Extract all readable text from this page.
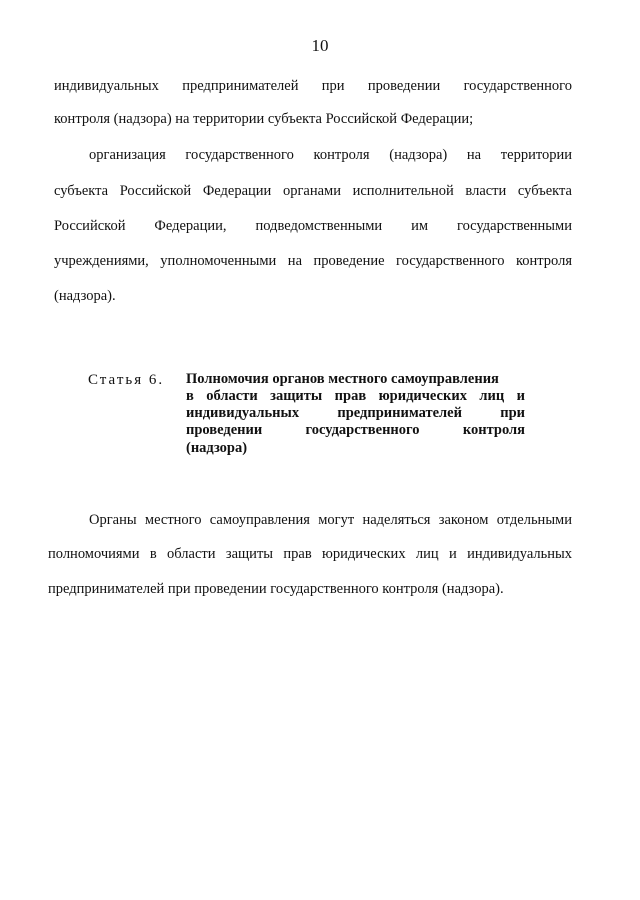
10
индивидуальных предпринимателей при проведении государственного
контроля (надзора) на территории субъекта Российской Федерации;
организация государственного контроля (надзора) на территории
субъекта Российской Федерации органами исполнительной власти субъекта
Российской Федерации, подведомственными им государственными
учреждениями, уполномоченными на проведение государственного контроля
(надзора).
Статья 6. Полномочия органов местного самоуправления
в области защиты прав юридических лиц и
индивидуальных предпринимателей при
проведении государственного контроля
(надзора)
Органы местного самоуправления могут наделяться законом отдельными
полномочиями в области защиты прав юридических лиц и индивидуальных
предпринимателей при проведении государственного контроля (надзора).
